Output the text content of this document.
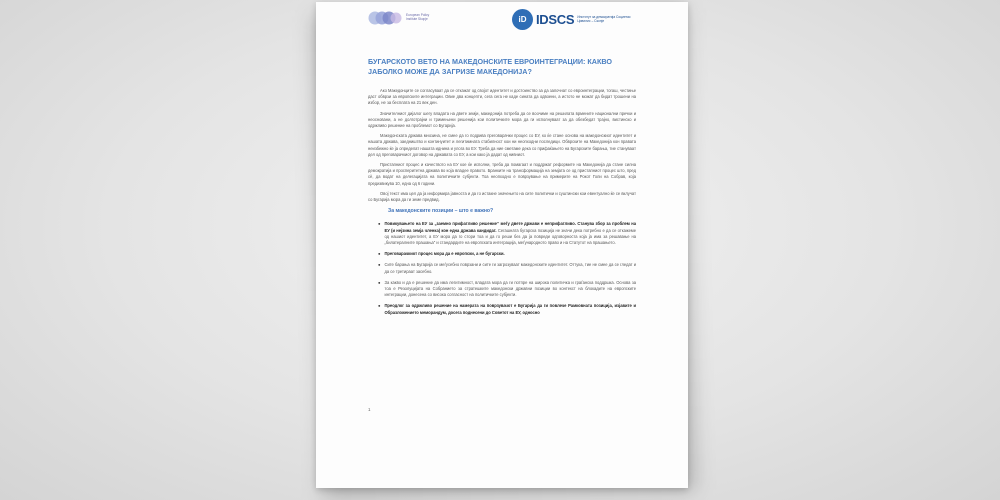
European Policy Institute Skopje	iD IDSCS Институт за демократија Социетас Цивилис – Скопје
БУГАРСКОТО ВЕТО НА МАКЕДОНСКИТЕ ЕВРОИНТЕГРАЦИИ: КАКВО ЈАБОЛКО МОЖЕ ДА ЗАГРИЗЕ МАКЕДОНИЈА?

Ако Македонците се согласуваат да се откажат од својот идентитет и достоинство за да започнат со евроинтеграции, тогаш, честиње даст обврзи за европските интеграции. Овие два концепти, сега сега не каде сината да одвоени, а истото не можат да бидат трошени на избор, не за бесплата на 21 век ден.

Значителниот дијалог шегу владата на двете земји, македонија потреба да се воочиме на решилата врмените национални пречки и неосновани, а не долготрајни и тримењени решенија кои политичките мора да ги исполнуваат за да обезбедат трајно, вистинско и одржливо решение на проблемот со Бугарија.

Македонската држава мнозина, не смее да го подрива преговарачки процес со ЕУ, ко ќе стане основа на македонскиот идентитет и нашата држава, заедништво и континуитет и легитимната стабилност кои ни неопходни последици. Обврските на Македонија кон правата неизбежно ќе ја определат нашата иднина и улога во ЕУ. Треба да ние сметаме дека со прифаќањето на Бугарските барања, тие стануваат дел од преговарачкиот договор на државата со ЕУ, а кои како ја дадат од нивниот.

Пристапниот процес и качеството на ЕУ кое ќе исполни, треба да помагаат и поддржат реформите на Македонија да стане силна демократија и просперитетна држава во која владее правото. Бранките на трансформација на земјата се од пристапниот процес што, пред сè, да водат на делегацијата на политичките субјекти. Тоа неопходно е поврзување на примерите на Рокот Голи на Собрав, која предизвикува 10, една од 6 години.

Овој текст има цел да ја информира јавноста и да го истакне значењето на сите политички и суштински кои евентуално ќе се вклучат со Бугарија мора да ги земе предвид.

За македонските позиции – што е важно?
● Повикувањето на ЕУ за „заемно прифатливо решение“ меѓу двете држави е неприфатливо. Станува збор за проблем на ЕУ (и нејзина земја членка) кон една држава кандидат. Сегашната бугарска позиција не значи дека потребно е да се откажеме од нашиот идентитет, а ЕУ мора да го стори тоа и да го реши без да ја повреди одговорноста која ја има за решавање на „билатералните прашања“ и стандардите на европската интеграција, меѓународното право и на Статутот на прашањето.
● Преговарачкиот процес мора да е европски, а не бугарски.
● Сите барања на Бугарија се меѓусебно поврзани и сите ги загрозуваат македонските идентитет. Оттука, тие не смее да се гледат и да се третираат засебно.
● За какво и да е решение да има легитимност, владата мора да ги потпре на широка политичка и граѓанска поддршка. Основа за тоа е Резолуцијата на Собранието за стратешките македонски државни позиции во контекст на блокадите на европските интеграции, донесена со висока согласност на политичките субјекти.
● Преодлог за одржливо решение на намерата на поврзувачот е Бугарија да ги повлече Рамковната позиција, изјавите и Образложението меморандум, досега поднесени до Советот на ЕУ, односно
1
